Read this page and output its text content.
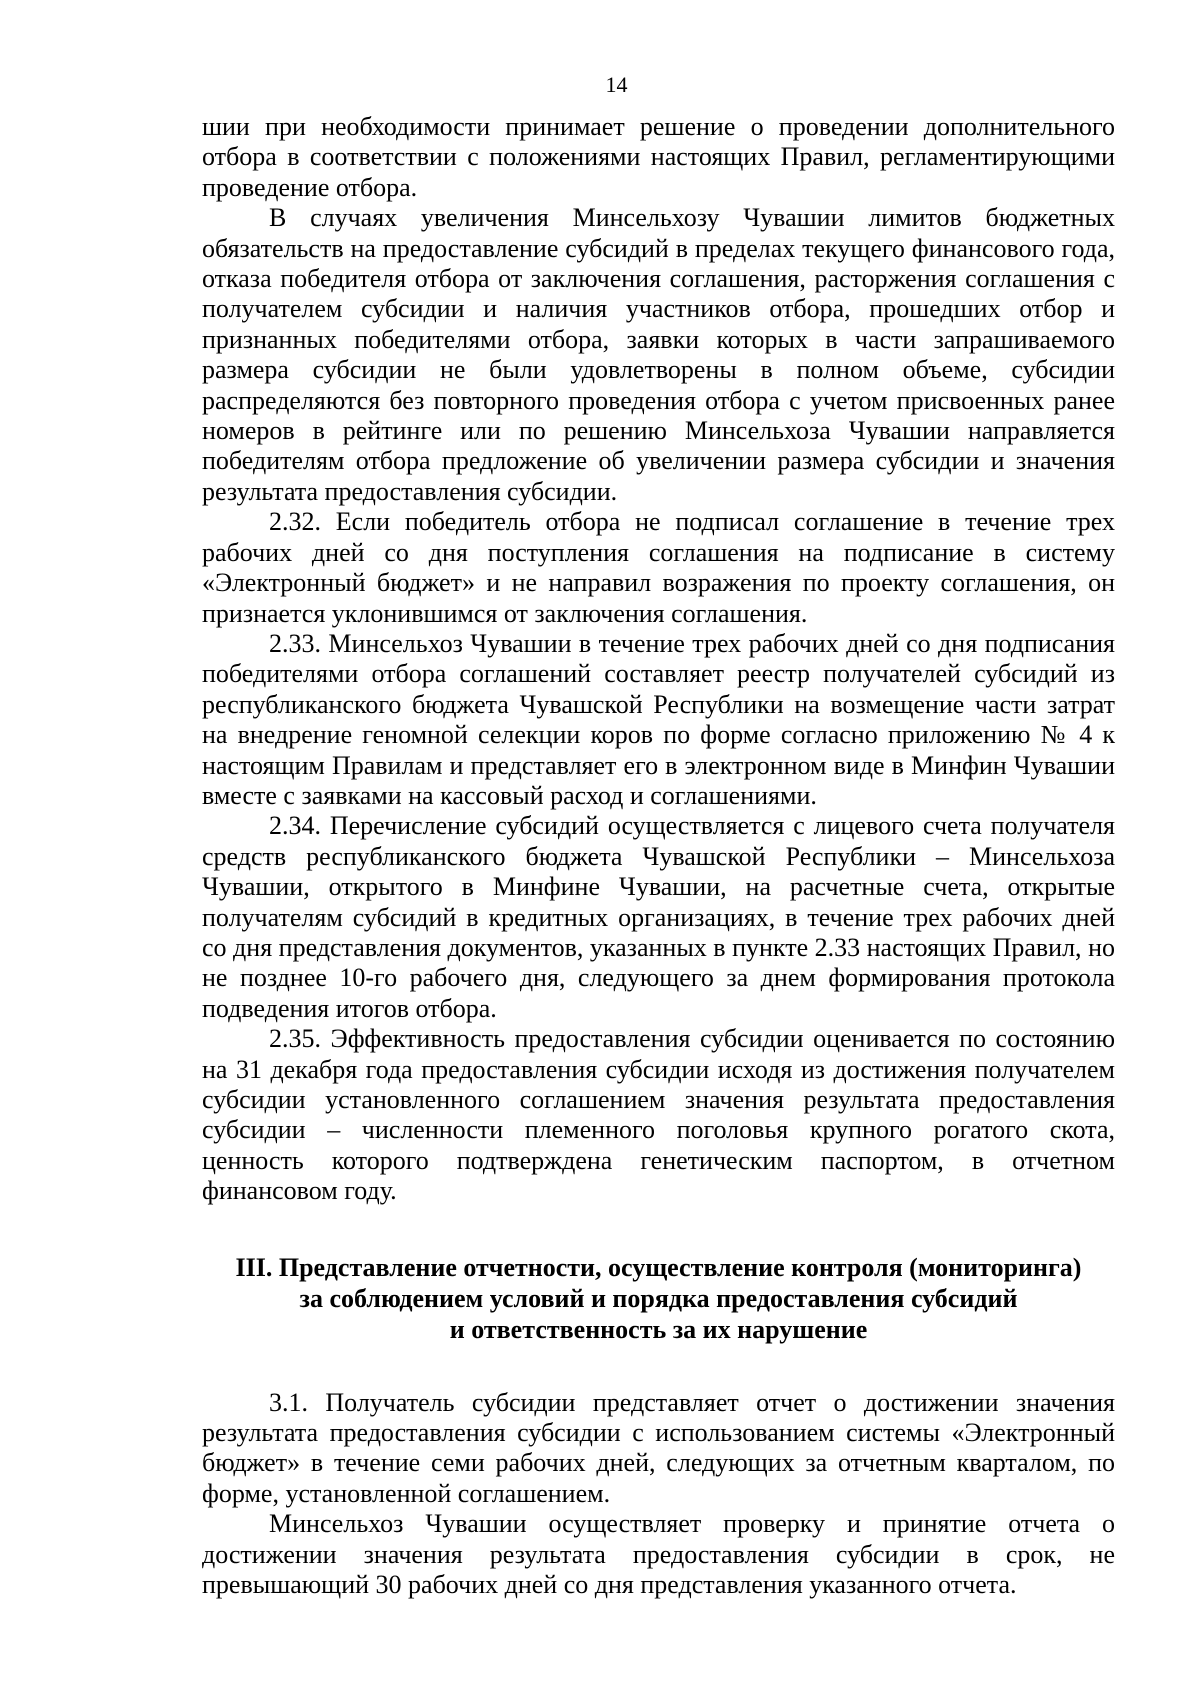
14

шии при необходимости принимает решение о проведении дополнительного отбора в соответствии с положениями настоящих Правил, регламентирующими проведение отбора.

В случаях увеличения Минсельхозу Чувашии лимитов бюджетных обязательств на предоставление субсидий в пределах текущего финансового года, отказа победителя отбора от заключения соглашения, расторжения соглашения с получателем субсидии и наличия участников отбора, прошедших отбор и признанных победителями отбора, заявки которых в части запрашиваемого размера субсидии не были удовлетворены в полном объеме, субсидии распределяются без повторного проведения отбора с учетом присвоенных ранее номеров в рейтинге или по решению Минсельхоза Чувашии направляется победителям отбора предложение об увеличении размера субсидии и значения результата предоставления субсидии.

2.32. Если победитель отбора не подписал соглашение в течение трех рабочих дней со дня поступления соглашения на подписание в систему «Электронный бюджет» и не направил возражения по проекту соглашения, он признается уклонившимся от заключения соглашения.

2.33. Минсельхоз Чувашии в течение трех рабочих дней со дня подписания победителями отбора соглашений составляет реестр получателей субсидий из республиканского бюджета Чувашской Республики на возмещение части затрат на внедрение геномной селекции коров по форме согласно приложению № 4 к настоящим Правилам и представляет его в электронном виде в Минфин Чувашии вместе с заявками на кассовый расход и соглашениями.

2.34. Перечисление субсидий осуществляется с лицевого счета получателя средств республиканского бюджета Чувашской Республики – Минсельхоза Чувашии, открытого в Минфине Чувашии, на расчетные счета, открытые получателям субсидий в кредитных организациях, в течение трех рабочих дней со дня представления документов, указанных в пункте 2.33 настоящих Правил, но не позднее 10-го рабочего дня, следующего за днем формирования протокола подведения итогов отбора.

2.35. Эффективность предоставления субсидии оценивается по состоянию на 31 декабря года предоставления субсидии исходя из достижения получателем субсидии установленного соглашением значения результата предоставления субсидии – численности племенного поголовья крупного рогатого скота, ценность которого подтверждена генетическим паспортом, в отчетном финансовом году.

III. Представление отчетности, осуществление контроля (мониторинга)
за соблюдением условий и порядка предоставления субсидий
и ответственность за их нарушение

3.1. Получатель субсидии представляет отчет о достижении значения результата предоставления субсидии с использованием системы «Электронный бюджет» в течение семи рабочих дней, следующих за отчетным кварталом, по форме, установленной соглашением.

Минсельхоз Чувашии осуществляет проверку и принятие отчета о достижении значения результата предоставления субсидии в срок, не превышающий 30 рабочих дней со дня представления указанного отчета.
